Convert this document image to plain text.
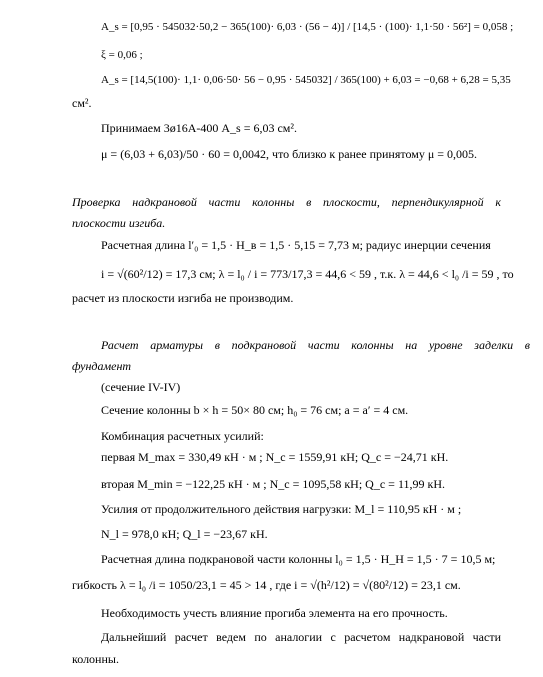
A_s = [0,95 · 545032·50,2 − 365(100)· 6,03 · (56 − 4)] / [14,5 · (100)· 1,1·50 · 56²] = 0,058 ;
ξ = 0,06 ;
A_s = [14,5(100)· 1,1· 0,06·50· 56 − 0,95 · 545032] / 365(100) + 6,03 = −0,68 + 6,28 = 5,35
см².
Принимаем 3ø16А-400 A_s = 6,03 см².
μ = (6,03 + 6,03)/50 · 60 = 0,0042, что близко к ранее принятому μ = 0,005.
Проверка надкрановой части колонны в плоскости, перпендикулярной к
плоскости изгиба.
Расчетная длина l′₀ = 1,5 · H_в = 1,5 · 5,15 = 7,73 м; радиус инерции сечения
i = √(60²/12) = 17,3 см; λ = l₀ / i = 773/17,3 = 44,6 < 59 , т.к. λ = 44,6 < l₀ /i = 59 , то
расчет из плоскости изгиба не производим.
Расчет арматуры в подкрановой части колонны на уровне заделки в
фундамент
(сечение IV-IV)
Сечение колонны b × h = 50× 80 см; h₀ = 76 см; a = a′ = 4 см.
Комбинация расчетных усилий:
первая M_max = 330,49 кН · м ; N_c = 1559,91 кН; Q_c = −24,71 кН.
вторая M_min = −122,25 кН · м ; N_c = 1095,58 кН; Q_c = 11,99 кН.
Усилия от продолжительного действия нагрузки: M_l = 110,95 кН · м ;
N_l = 978,0 кН; Q_l = −23,67 кН.
Расчетная длина подкрановой части колонны l₀ = 1,5 · H_H = 1,5 · 7 = 10,5 м;
гибкость λ = l₀ /i = 1050/23,1 = 45 > 14 , где i = √(h²/12) = √(80²/12) = 23,1 см.
Необходимость учесть влияние прогиба элемента на его прочность.
Дальнейший расчет ведем по аналогии с расчетом надкрановой части
колонны.
